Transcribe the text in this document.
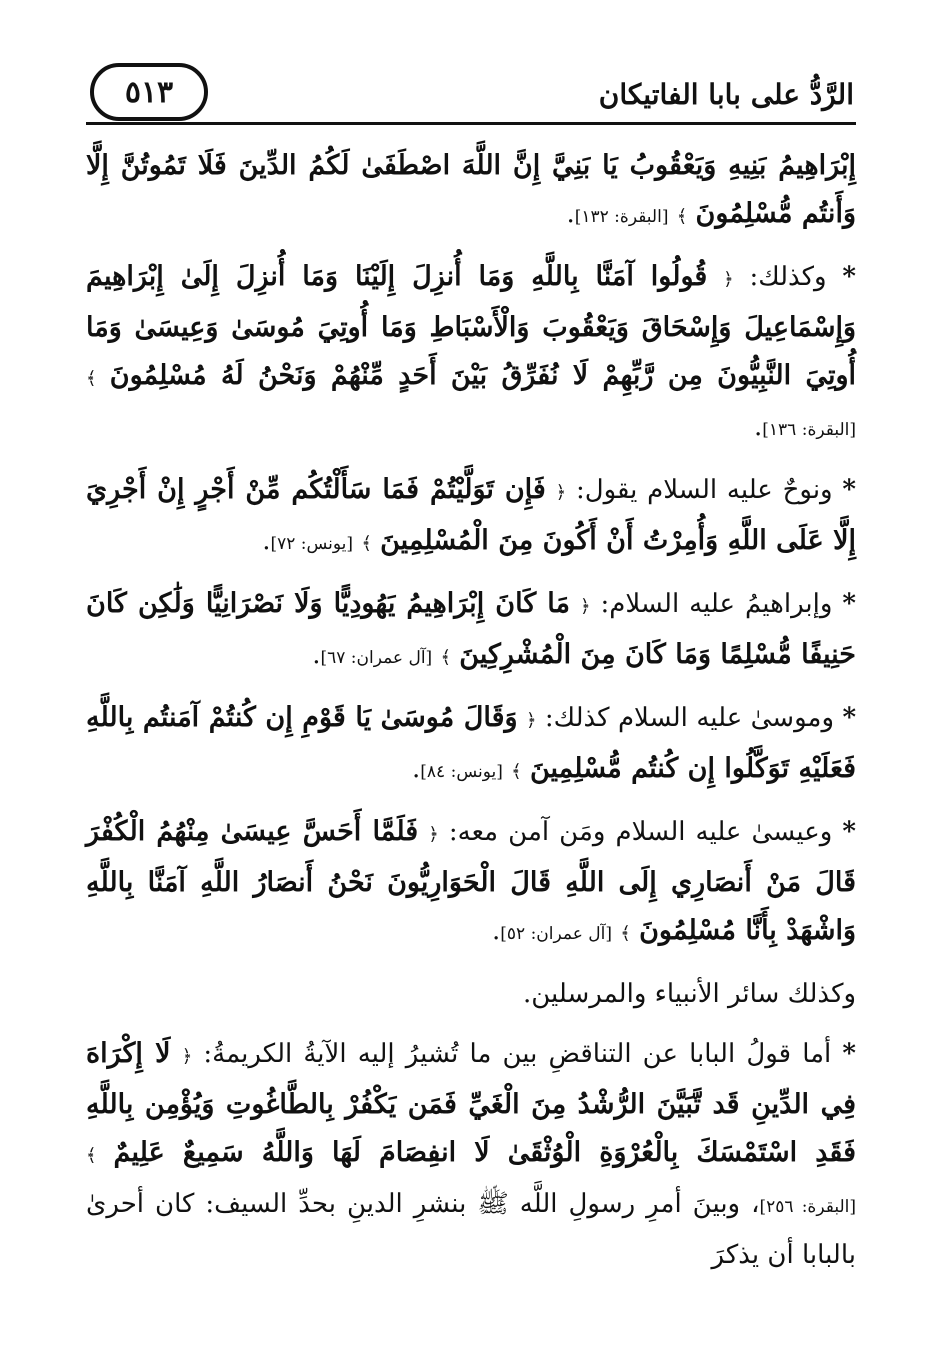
الرَّدُّ على بابا الفاتيكان
٥١٣

إِبْرَاهِيمُ بَنِيهِ وَيَعْقُوبُ يَا بَنِيَّ إِنَّ اللَّهَ اصْطَفَىٰ لَكُمُ الدِّينَ فَلَا تَمُوتُنَّ إِلَّا وَأَنتُم مُّسْلِمُونَ ﴾ [البقرة: ١٣٢].

* وكذلك: ﴿ قُولُوا آمَنَّا بِاللَّهِ وَمَا أُنزِلَ إِلَيْنَا وَمَا أُنزِلَ إِلَىٰ إِبْرَاهِيمَ وَإِسْمَاعِيلَ وَإِسْحَاقَ وَيَعْقُوبَ وَالْأَسْبَاطِ وَمَا أُوتِيَ مُوسَىٰ وَعِيسَىٰ وَمَا أُوتِيَ النَّبِيُّونَ مِن رَّبِّهِمْ لَا نُفَرِّقُ بَيْنَ أَحَدٍ مِّنْهُمْ وَنَحْنُ لَهُ مُسْلِمُونَ ﴾ [البقرة: ١٣٦].

* ونوحٌ عليه السلام يقول: ﴿ فَإِن تَوَلَّيْتُمْ فَمَا سَأَلْتُكُم مِّنْ أَجْرٍ إِنْ أَجْرِيَ إِلَّا عَلَى اللَّهِ وَأُمِرْتُ أَنْ أَكُونَ مِنَ الْمُسْلِمِينَ ﴾ [يونس: ٧٢].

* وإبراهيمُ عليه السلام: ﴿ مَا كَانَ إِبْرَاهِيمُ يَهُودِيًّا وَلَا نَصْرَانِيًّا وَلَٰكِن كَانَ حَنِيفًا مُّسْلِمًا وَمَا كَانَ مِنَ الْمُشْرِكِينَ ﴾ [آل عمران: ٦٧].

* وموسىٰ عليه السلام كذلك: ﴿ وَقَالَ مُوسَىٰ يَا قَوْمِ إِن كُنتُمْ آمَنتُم بِاللَّهِ فَعَلَيْهِ تَوَكَّلُوا إِن كُنتُم مُّسْلِمِينَ ﴾ [يونس: ٨٤].

* وعيسىٰ عليه السلام ومَن آمن معه: ﴿ فَلَمَّا أَحَسَّ عِيسَىٰ مِنْهُمُ الْكُفْرَ قَالَ مَنْ أَنصَارِي إِلَى اللَّهِ قَالَ الْحَوَارِيُّونَ نَحْنُ أَنصَارُ اللَّهِ آمَنَّا بِاللَّهِ وَاشْهَدْ بِأَنَّا مُسْلِمُونَ ﴾ [آل عمران: ٥٢].

وكذلك سائر الأنبياء والمرسلين.

* أما قولُ البابا عن التناقضِ بين ما تُشيرُ إليه الآيةُ الكريمةُ: ﴿ لَا إِكْرَاهَ فِي الدِّينِ قَد تَّبَيَّنَ الرُّشْدُ مِنَ الْغَيِّ فَمَن يَكْفُرْ بِالطَّاغُوتِ وَيُؤْمِن بِاللَّهِ فَقَدِ اسْتَمْسَكَ بِالْعُرْوَةِ الْوُثْقَىٰ لَا انفِصَامَ لَهَا وَاللَّهُ سَمِيعٌ عَلِيمٌ ﴾ [البقرة: ٢٥٦]، وبينَ أمرِ رسولِ اللَّه ﷺ بنشرِ الدينِ بحدِّ السيف: كان أحرىٰ بالبابا أن يذكرَ
